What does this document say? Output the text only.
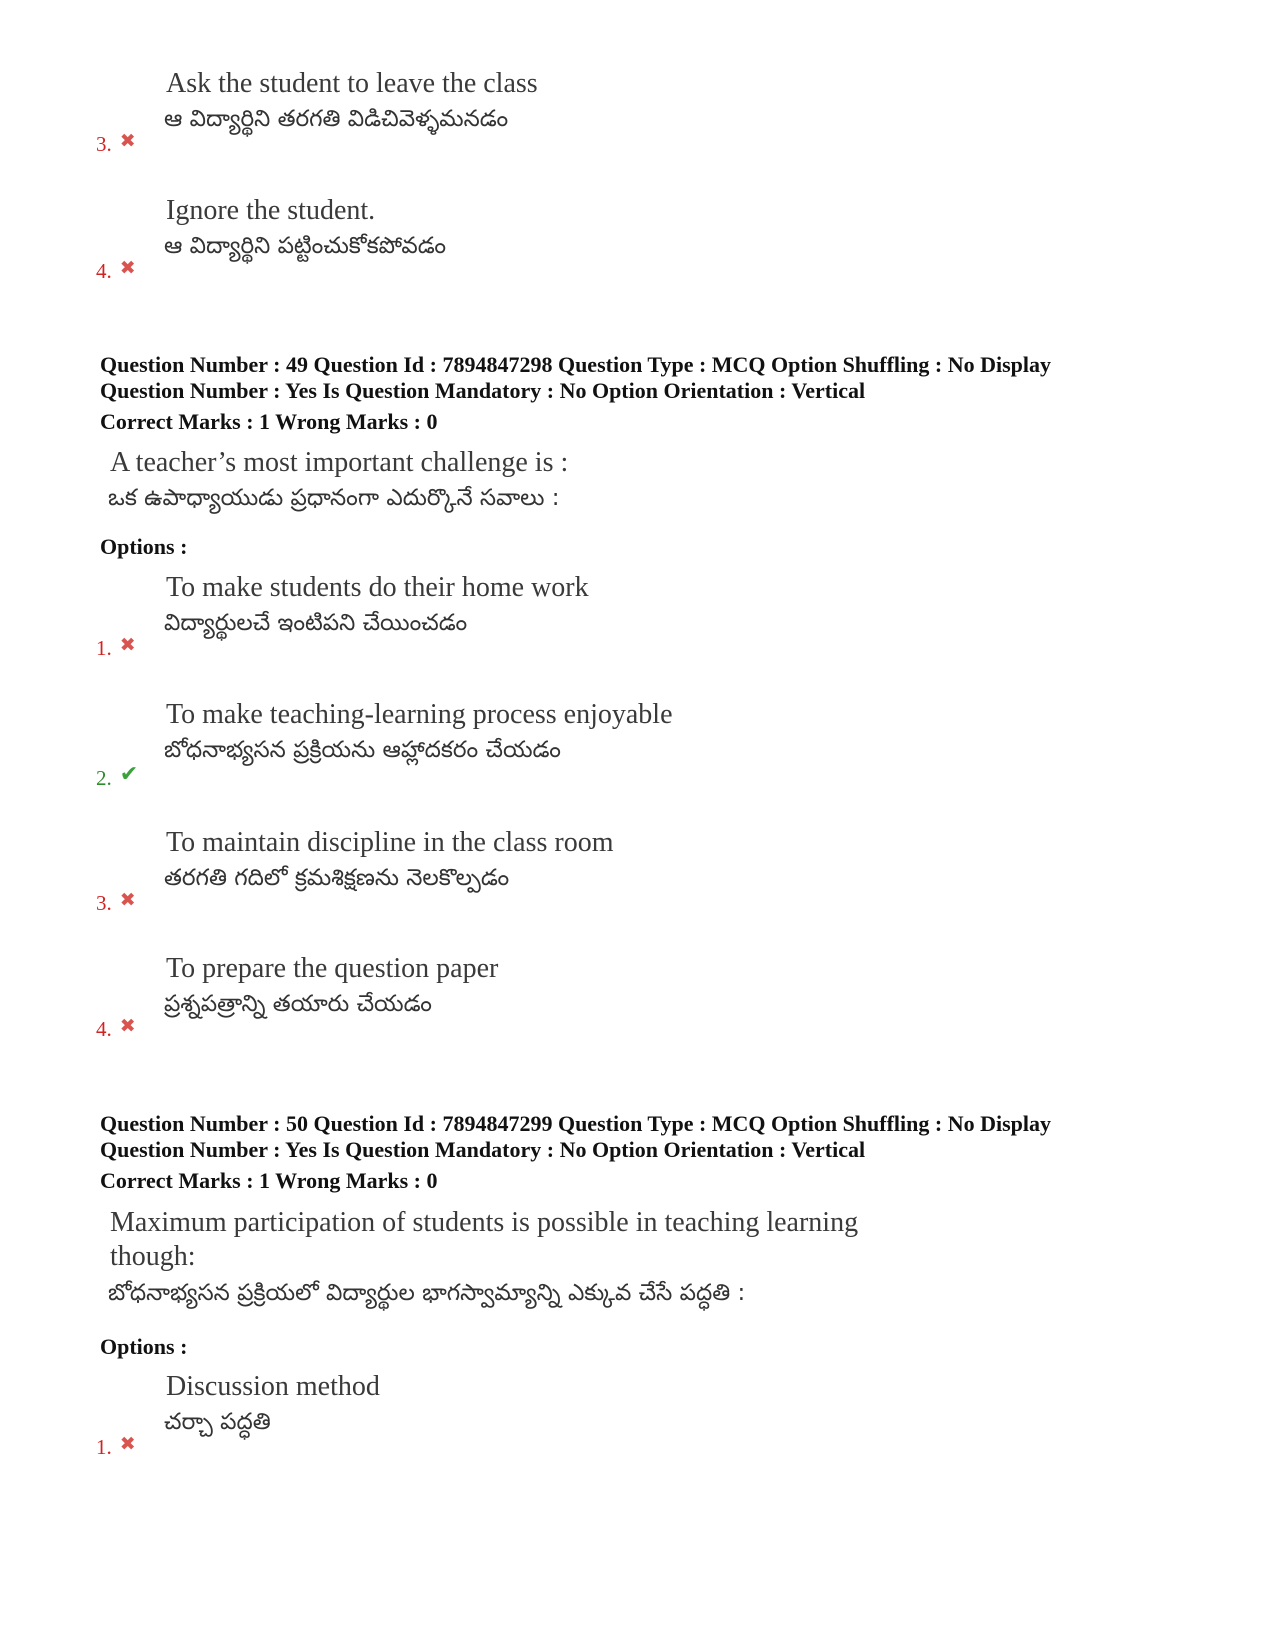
Ask the student to leave the class
ఆ విద్యార్థిని తరగతి విడిచివెళ్ళమనడం
3. ✖
Ignore the student.
ఆ విద్యార్థిని పట్టించుకోకపోవడం
4. ✖
Question Number : 49 Question Id : 7894847298 Question Type : MCQ Option Shuffling : No Display
Question Number : Yes Is Question Mandatory : No Option Orientation : Vertical
Correct Marks : 1 Wrong Marks : 0
A teacher’s most important challenge is :
ఒక ఉపాధ్యాయుడు ప్రధానంగా ఎదుర్కొనే సవాలు :
Options :
To make students do their home work
విద్యార్థులచే ఇంటిపని చేయించడం
1. ✖
To make teaching-learning process enjoyable
బోధనాభ్యసన ప్రక్రియను ఆహ్లాదకరం చేయడం
2. ✔
To maintain discipline in the class room
తరగతి గదిలో క్రమశిక్షణను నెలకొల్పడం
3. ✖
To prepare the question paper
ప్రశ్నపత్రాన్ని తయారు చేయడం
4. ✖
Question Number : 50 Question Id : 7894847299 Question Type : MCQ Option Shuffling : No Display
Question Number : Yes Is Question Mandatory : No Option Orientation : Vertical
Correct Marks : 1 Wrong Marks : 0
Maximum participation of students is possible in teaching learning though:
బోధనాభ్యసన ప్రక్రియలో విద్యార్థుల భాగస్వామ్యాన్ని ఎక్కువ చేసే పద్ధతి :
Options :
Discussion method
చర్చా పద్ధతి
1. ✖
